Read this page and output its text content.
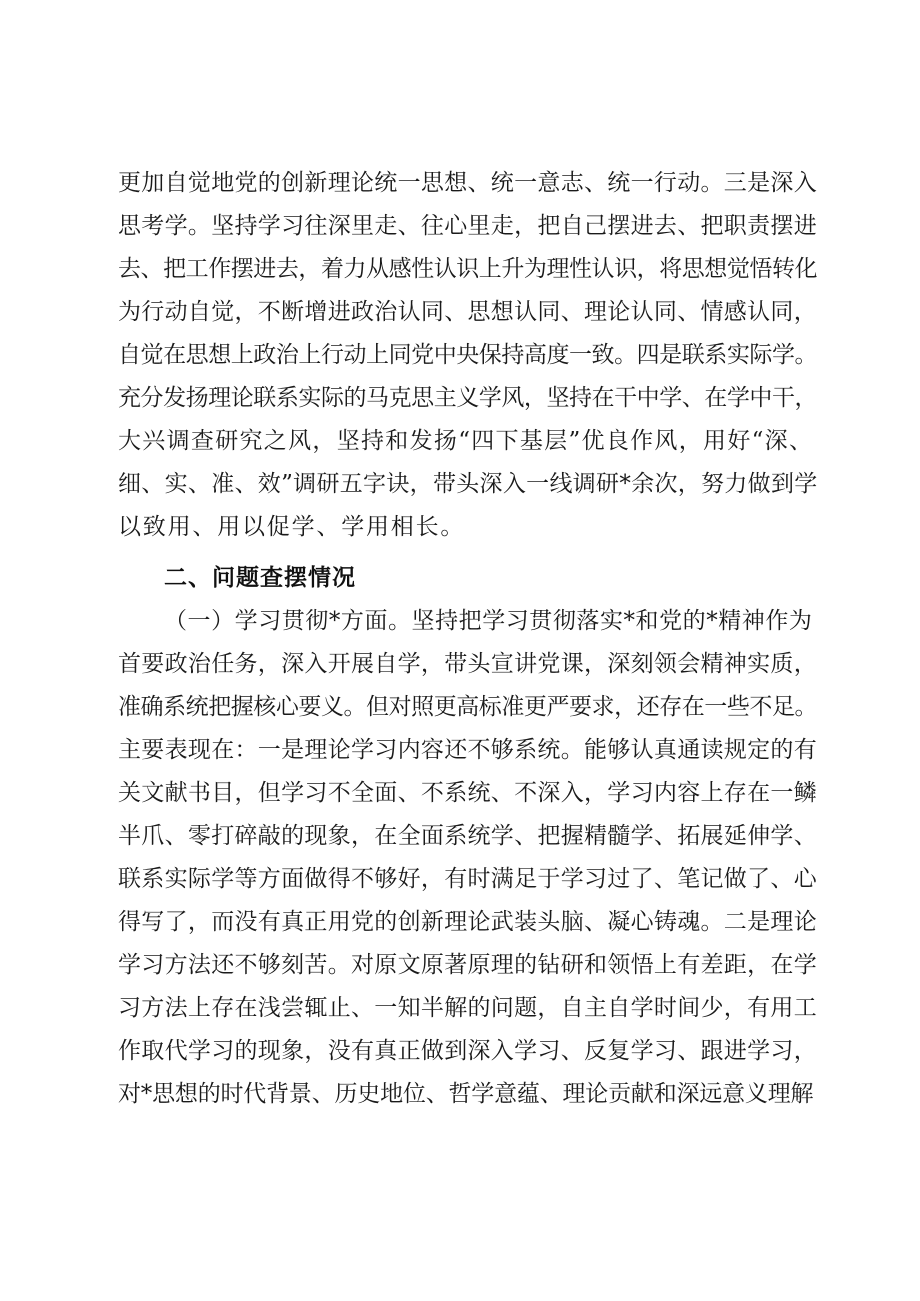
更加自觉地党的创新理论统一思想、统一意志、统一行动。三是深入
思考学。坚持学习往深里走、往心里走，把自己摆进去、把职责摆进
去、把工作摆进去，着力从感性认识上升为理性认识，将思想觉悟转化
为行动自觉，不断增进政治认同、思想认同、理论认同、情感认同，
自觉在思想上政治上行动上同党中央保持高度一致。四是联系实际学。
充分发扬理论联系实际的马克思主义学风，坚持在干中学、在学中干，
大兴调查研究之风，坚持和发扬“四下基层”优良作风，用好“深、
细、实、准、效”调研五字诀，带头深入一线调研*余次，努力做到学
以致用、用以促学、学用相长。
二、问题查摆情况
（一）学习贯彻*方面。坚持把学习贯彻落实*和党的*精神作为
首要政治任务，深入开展自学，带头宣讲党课，深刻领会精神实质，
准确系统把握核心要义。但对照更高标准更严要求，还存在一些不足。
主要表现在：一是理论学习内容还不够系统。能够认真通读规定的有
关文献书目，但学习不全面、不系统、不深入，学习内容上存在一鳞
半爪、零打碎敲的现象，在全面系统学、把握精髓学、拓展延伸学、
联系实际学等方面做得不够好，有时满足于学习过了、笔记做了、心
得写了，而没有真正用党的创新理论武装头脑、凝心铸魂。二是理论
学习方法还不够刻苦。对原文原著原理的钻研和领悟上有差距，在学
习方法上存在浅尝辄止、一知半解的问题，自主自学时间少，有用工
作取代学习的现象，没有真正做到深入学习、反复学习、跟进学习，
对*思想的时代背景、历史地位、哲学意蕴、理论贡献和深远意义理解
